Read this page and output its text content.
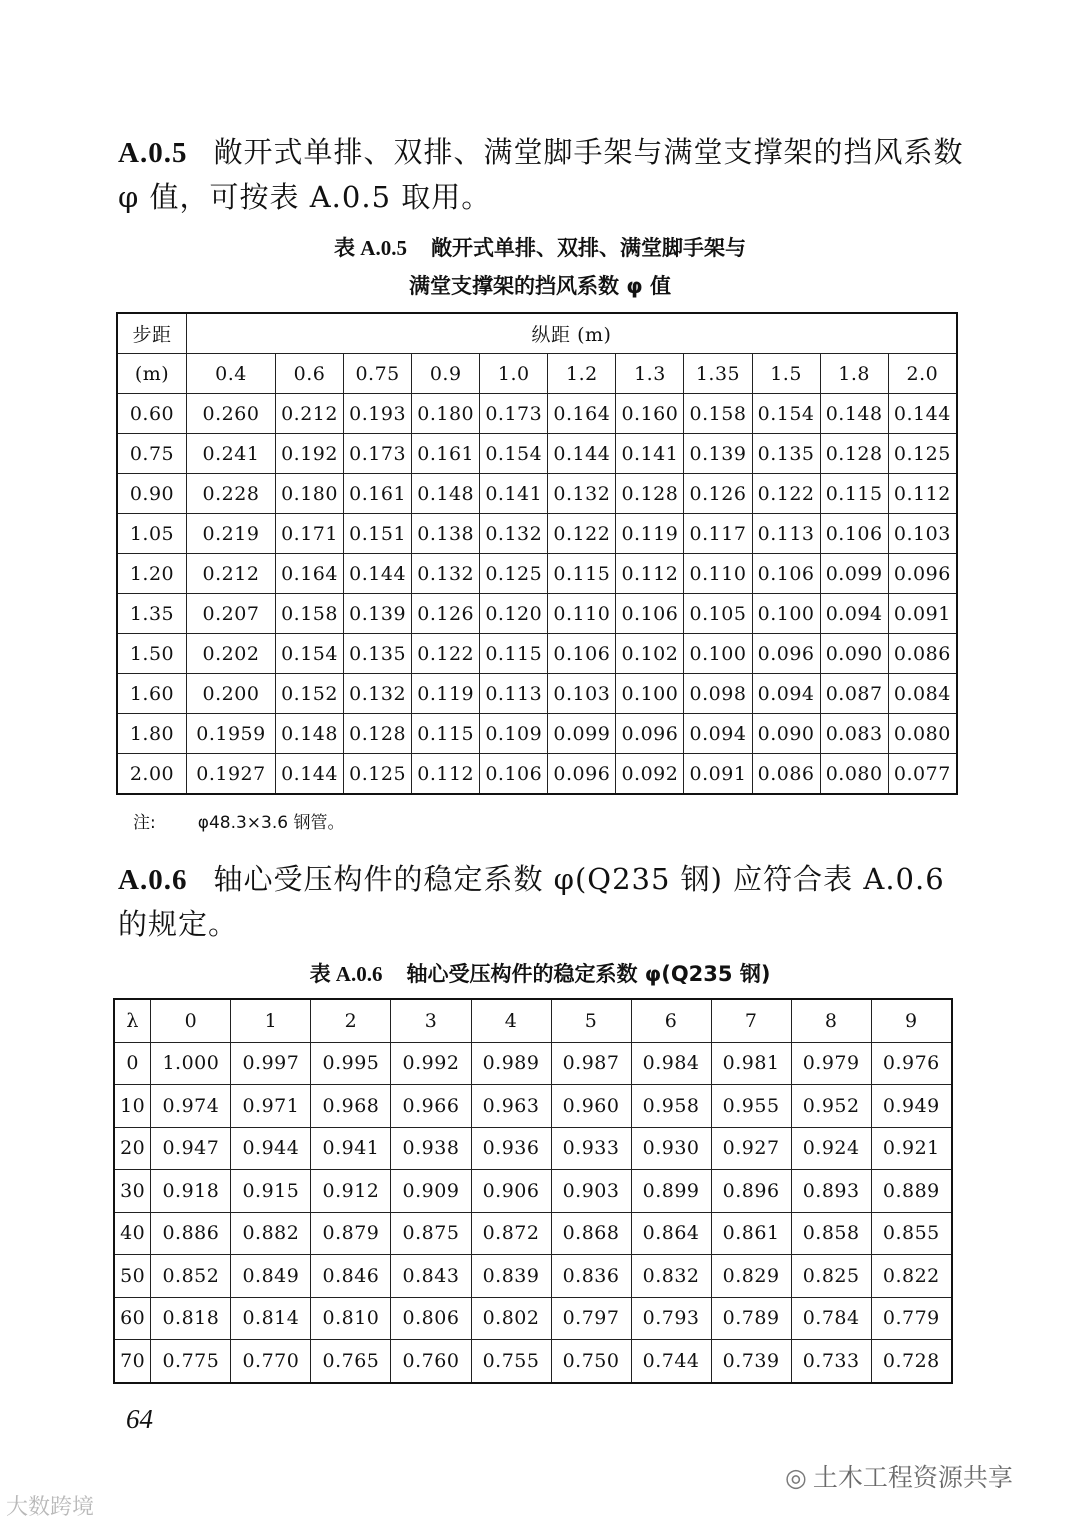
A.0.5 敞开式单排、双排、满堂脚手架与满堂支撑架的挡风系数 φ 值，可按表 A.0.5 取用。
表 A.0.5 敞开式单排、双排、满堂脚手架与
满堂支撑架的挡风系数 φ 值
步距	纵距 (m)										
(m)	0.4	0.6	0.75	0.9	1.0	1.2	1.3	1.35	1.5	1.8	2.0
0.60	0.260	0.212	0.193	0.180	0.173	0.164	0.160	0.158	0.154	0.148	0.144
0.75	0.241	0.192	0.173	0.161	0.154	0.144	0.141	0.139	0.135	0.128	0.125
0.90	0.228	0.180	0.161	0.148	0.141	0.132	0.128	0.126	0.122	0.115	0.112
1.05	0.219	0.171	0.151	0.138	0.132	0.122	0.119	0.117	0.113	0.106	0.103
1.20	0.212	0.164	0.144	0.132	0.125	0.115	0.112	0.110	0.106	0.099	0.096
1.35	0.207	0.158	0.139	0.126	0.120	0.110	0.106	0.105	0.100	0.094	0.091
1.50	0.202	0.154	0.135	0.122	0.115	0.106	0.102	0.100	0.096	0.090	0.086
1.60	0.200	0.152	0.132	0.119	0.113	0.103	0.100	0.098	0.094	0.087	0.084
1.80	0.1959	0.148	0.128	0.115	0.109	0.099	0.096	0.094	0.090	0.083	0.080
2.00	0.1927	0.144	0.125	0.112	0.106	0.096	0.092	0.091	0.086	0.080	0.077
注: φ48.3×3.6 钢管。
A.0.6 轴心受压构件的稳定系数 φ(Q235 钢) 应符合表 A.0.6 的规定。
表 A.0.6 轴心受压构件的稳定系数 φ(Q235 钢)
λ	0	1	2	3	4	5	6	7	8	9
0	1.000	0.997	0.995	0.992	0.989	0.987	0.984	0.981	0.979	0.976
10	0.974	0.971	0.968	0.966	0.963	0.960	0.958	0.955	0.952	0.949
20	0.947	0.944	0.941	0.938	0.936	0.933	0.930	0.927	0.924	0.921
30	0.918	0.915	0.912	0.909	0.906	0.903	0.899	0.896	0.893	0.889
40	0.886	0.882	0.879	0.875	0.872	0.868	0.864	0.861	0.858	0.855
50	0.852	0.849	0.846	0.843	0.839	0.836	0.832	0.829	0.825	0.822
60	0.818	0.814	0.810	0.806	0.802	0.797	0.793	0.789	0.784	0.779
70	0.775	0.770	0.765	0.760	0.755	0.750	0.744	0.739	0.733	0.728
64
大数跨境
◎ 土木工程资源共享
